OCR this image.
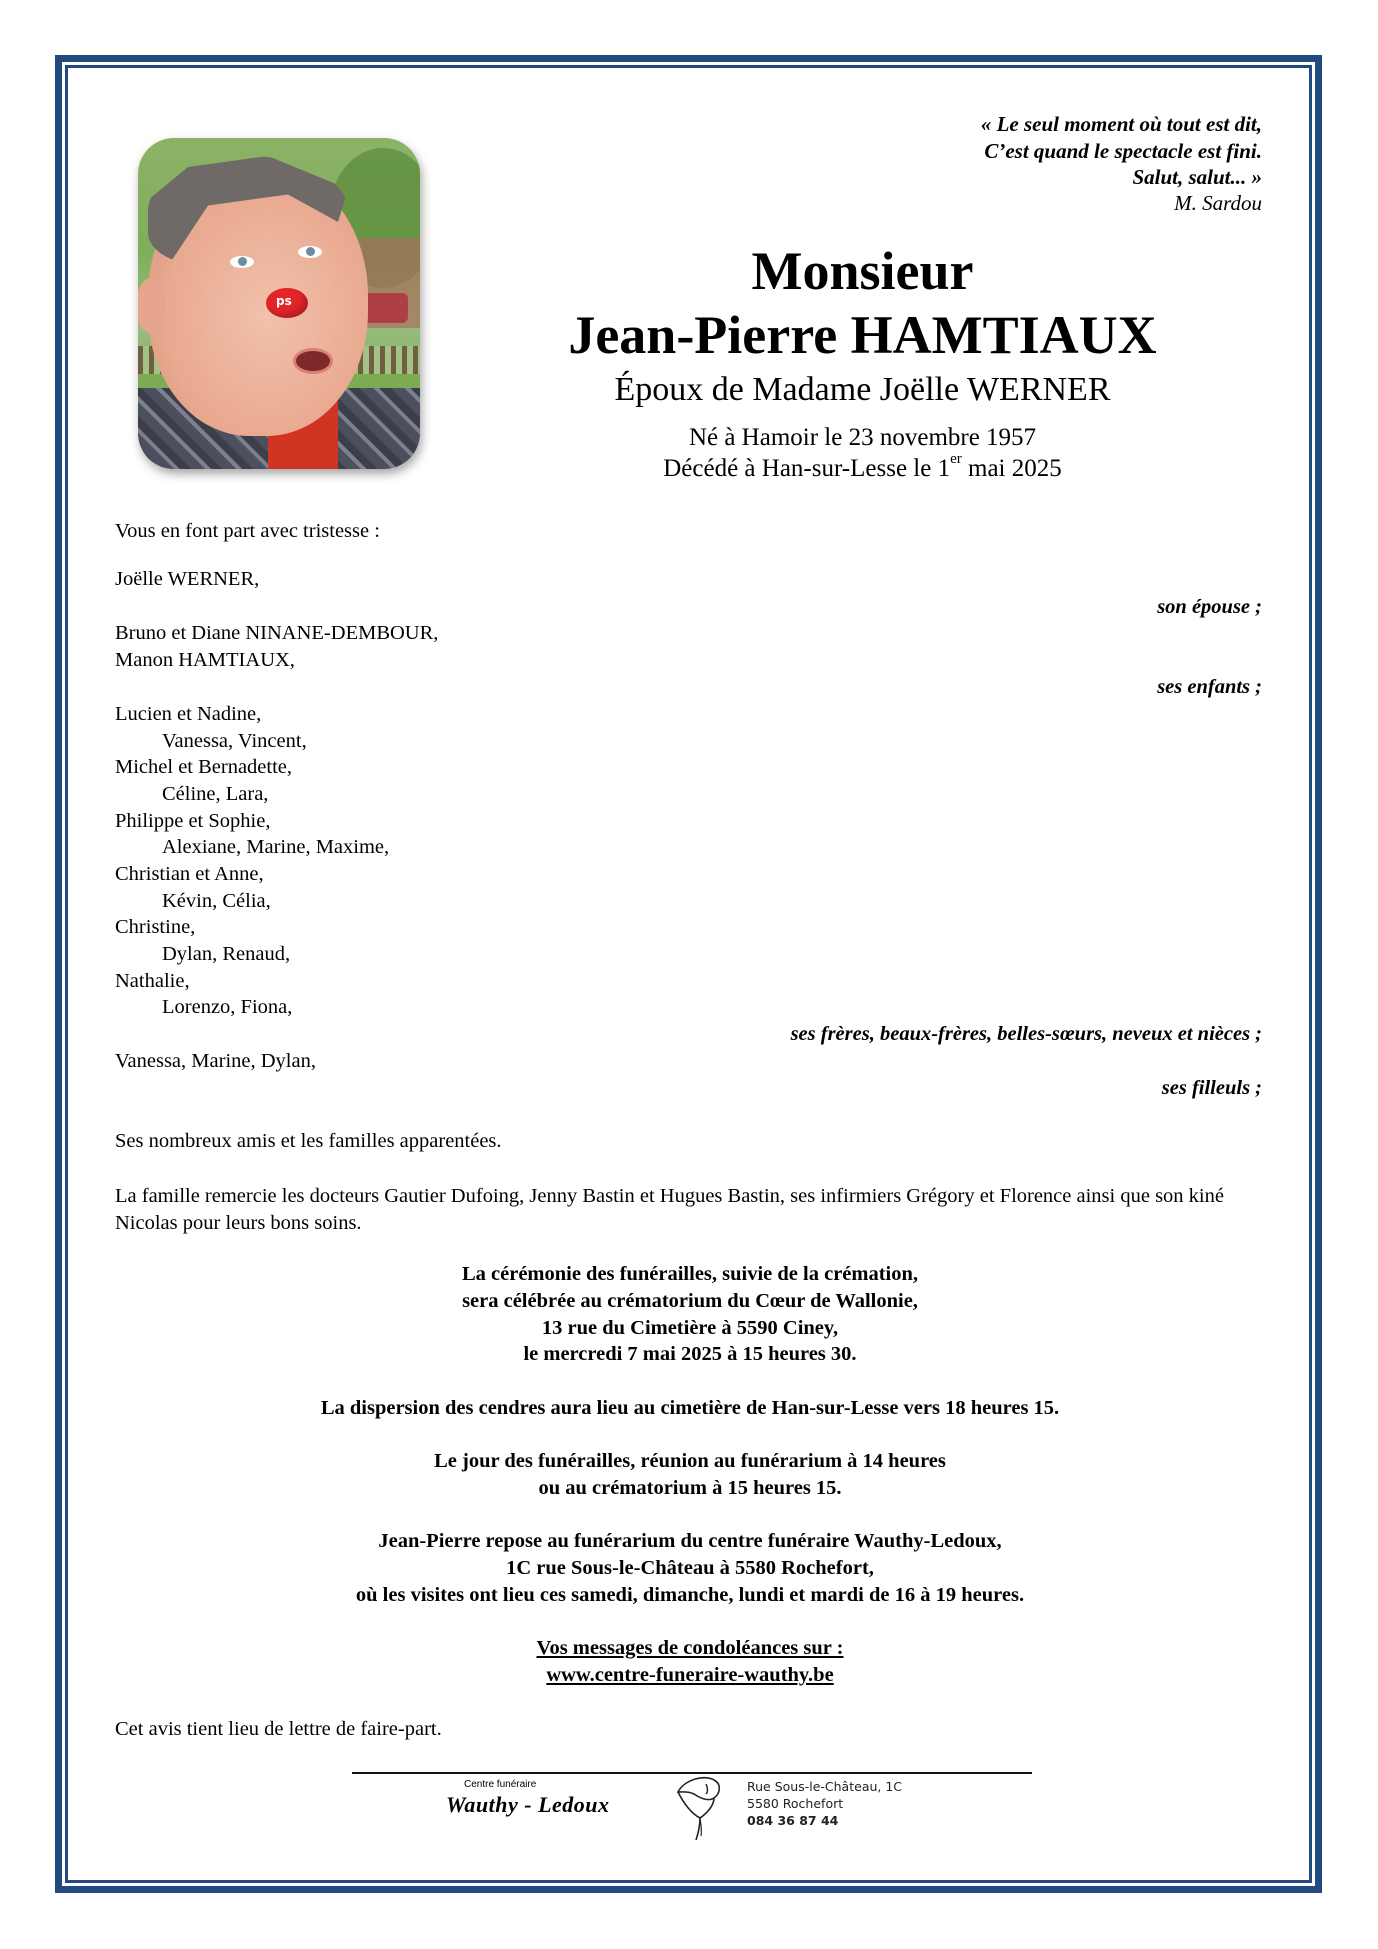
ps
« Le seul moment où tout est dit,
C’est quand le spectacle est fini.
Salut, salut... »
M. Sardou
Monsieur
Jean-Pierre HAMTIAUX
Époux de Madame Joëlle WERNER
Né à Hamoir le 23 novembre 1957
Décédé à Han-sur-Lesse le 1er mai 2025
Vous en font part avec tristesse :
Joëlle WERNER,
son épouse ;
Bruno et Diane NINANE-DEMBOUR,
Manon HAMTIAUX,
ses enfants ;
Lucien et Nadine,
Vanessa, Vincent,
Michel et Bernadette,
Céline, Lara,
Philippe et Sophie,
Alexiane, Marine, Maxime,
Christian et Anne,
Kévin, Célia,
Christine,
Dylan, Renaud,
Nathalie,
Lorenzo, Fiona,
ses frères, beaux-frères, belles-sœurs, neveux et nièces ;
Vanessa, Marine, Dylan,
ses filleuls ;
Ses nombreux amis et les familles apparentées.
La famille remercie les docteurs Gautier Dufoing, Jenny Bastin et Hugues Bastin, ses infirmiers Grégory et Florence ainsi que son kiné Nicolas pour leurs bons soins.
La cérémonie des funérailles, suivie de la crémation,
sera célébrée au crématorium du Cœur de Wallonie,
13 rue du Cimetière à 5590 Ciney,
le mercredi 7 mai 2025 à 15 heures 30.
La dispersion des cendres aura lieu au cimetière de Han-sur-Lesse vers 18 heures 15.
Le jour des funérailles, réunion au funérarium à 14 heures
ou au crématorium à 15 heures 15.
Jean-Pierre repose au funérarium du centre funéraire Wauthy-Ledoux,
1C rue Sous-le-Château à 5580 Rochefort,
où les visites ont lieu ces samedi, dimanche, lundi et mardi de 16 à 19 heures.
Vos messages de condoléances sur :
www.centre-funeraire-wauthy.be
Cet avis tient lieu de lettre de faire-part.
Centre funéraire
Wauthy - Ledoux
Rue Sous-le-Château, 1C
5580 Rochefort
084 36 87 44
